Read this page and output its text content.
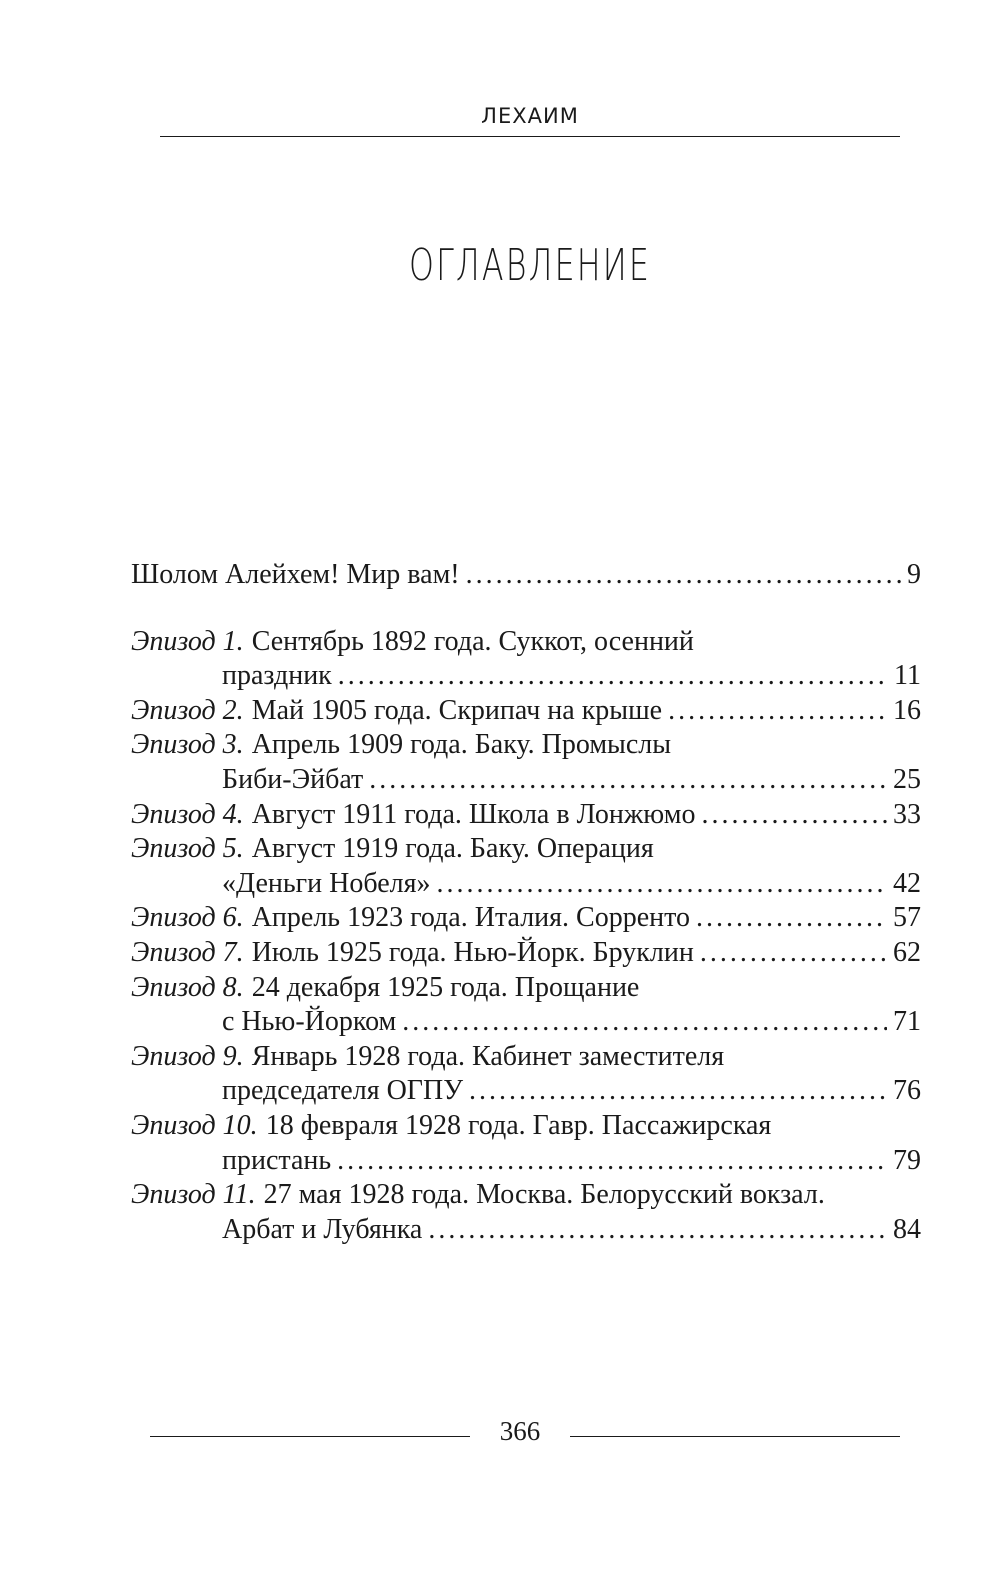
ЛЕХАИМ
ОГЛАВЛЕНИЕ
Шолом Алейхем! Мир вам! . . .	9
Эпизод 1. Сентябрь 1892 года. Суккот, осенний
праздник . . .	11
Эпизод 2. Май 1905 года. Скрипач на крыше . . .	16
Эпизод 3. Апрель 1909 года. Баку. Промыслы
Биби-Эйбат . . .	25
Эпизод 4. Август 1911 года. Школа в Лонжюмо . . .	33
Эпизод 5. Август 1919 года. Баку. Операция
«Деньги Нобеля» . . .	42
Эпизод 6. Апрель 1923 года. Италия. Сорренто . . .	57
Эпизод 7. Июль 1925 года. Нью-Йорк. Бруклин . . .	62
Эпизод 8. 24 декабря 1925 года. Прощание
с Нью-Йорком . . .	71
Эпизод 9. Январь 1928 года. Кабинет заместителя
председателя ОГПУ . . .	76
Эпизод 10. 18 февраля 1928 года. Гавр. Пассажирская
пристань . . .	79
Эпизод 11. 27 мая 1928 года. Москва. Белорусский вокзал.
Арбат и Лубянка . . .	84
366
